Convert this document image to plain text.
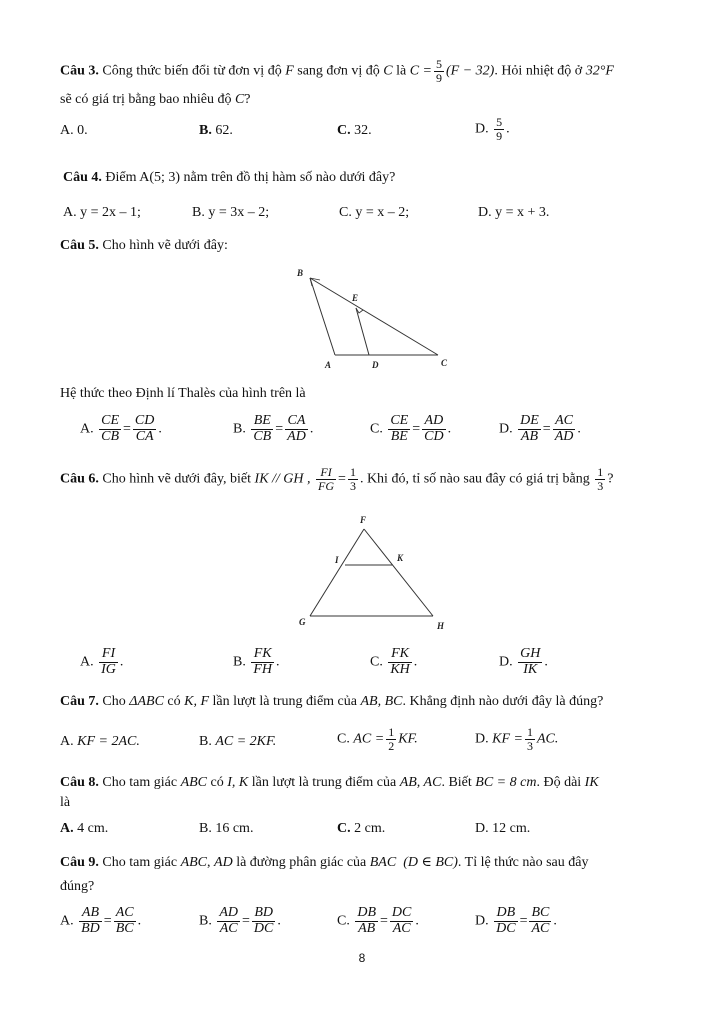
Câu 3. Công thức biến đổi từ đơn vị độ F sang đơn vị độ C là $C = \frac{5}{9} (F - 32)$. Hỏi nhiệt độ ở 32°F
sẽ có giá trị bằng bao nhiêu độ C?
A. 0.	B. 62.	C. 32.	D. $\frac{5}{9}$ .
Câu 4. Điểm A(5; 3) nằm trên đồ thị hàm số nào dưới đây?
A. y = 2x – 1;	B. y = 3x – 2;	C. y = x – 2;	D. y = x + 3.
Câu 5. Cho hình vẽ dưới đây:
B
E
A	D	C
Hệ thức theo Định lí Thalès của hình trên là
A. $\frac{CE}{CB} = \frac{CD}{CA}$ .	B. $\frac{BE}{CB} = \frac{CA}{AD}$ .	C. $\frac{CE}{BE} = \frac{AD}{CD}$ .	D. $\frac{DE}{AB} = \frac{AC}{AD}$ .
Câu 6. Cho hình vẽ dưới đây, biết IK // GH , $\frac{FI}{FG} = \frac{1}{3}$ . Khi đó, tỉ số nào sau đây có giá trị bằng $\frac{1}{3}$ ?
F
I	K
G	H
A. $\frac{FI}{IG}$ .	B. $\frac{FK}{FH}$ .	C. $\frac{FK}{KH}$ .	D. $\frac{GH}{IK}$ .
Câu 7. Cho ΔABC có K, F lần lượt là trung điểm của AB, BC. Khẳng định nào dưới đây là đúng?
A. KF = 2AC.	B. AC = 2KF.	C. AC = $\frac{1}{2}$ KF.	D. KF = $\frac{1}{3}$ AC.
Câu 8. Cho tam giác ABC có I, K lần lượt là trung điểm của AB, AC. Biết BC = 8 cm. Độ dài IK
là
A. 4 cm.	B. 16 cm.	C. 2 cm.	D. 12 cm.
Câu 9. Cho tam giác ABC, AD là đường phân giác của BAC (D ∈ BC). Tỉ lệ thức nào sau đây
đúng?
A. $\frac{AB}{BD} = \frac{AC}{BC}$ .	B. $\frac{AD}{AC} = \frac{BD}{DC}$ .	C. $\frac{DB}{AB} = \frac{DC}{AC}$ .	D. $\frac{DB}{DC} = \frac{BC}{AC}$ .
8
